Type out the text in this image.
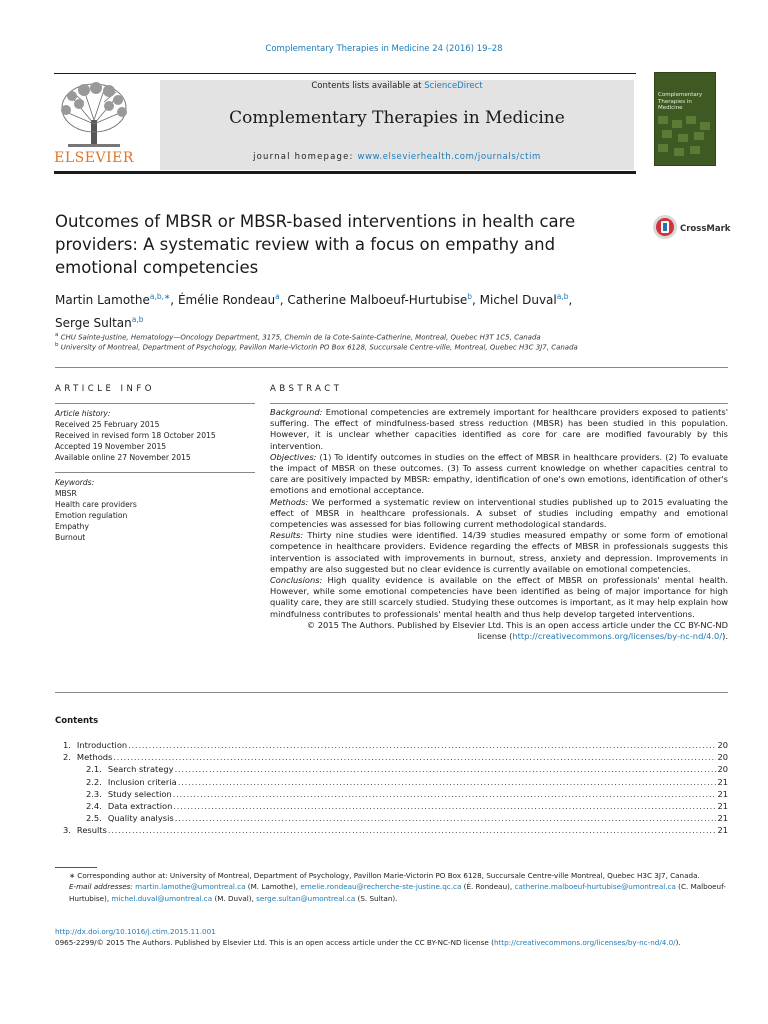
Complementary Therapies in Medicine 24 (2016) 19–28
ELSEVIER
Contents lists available at ScienceDirect
Complementary Therapies in Medicine
journal homepage: www.elsevierhealth.com/journals/ctim
Complementary Therapies in Medicine
Outcomes of MBSR or MBSR-based interventions in health care providers: A systematic review with a focus on empathy and emotional competencies
CrossMark
Martin Lamothe$^{a,b,∗}$, Émélie Rondeau$^a$, Catherine Malboeuf-Hurtubise$^b$, Michel Duval$^{a,b}$,
Serge Sultan$^{a,b}$
$^a$ CHU Sainte-Justine, Hematology—Oncology Department, 3175, Chemin de la Cote-Sainte-Catherine, Montreal, Quebec H3T 1C5, Canada
$^b$ University of Montreal, Department of Psychology, Pavillon Marie-Victorin PO Box 6128, Succursale Centre-ville, Montreal, Quebec H3C 3J7, Canada
ARTICLE INFO
Article history:
Received 25 February 2015
Received in revised form 18 October 2015
Accepted 19 November 2015
Available online 27 November 2015
Keywords:
MBSR
Health care providers
Emotion regulation
Empathy
Burnout
ABSTRACT

Background: Emotional competencies are extremely important for healthcare providers exposed to patients' suffering. The effect of mindfulness-based stress reduction (MBSR) has been studied in this population. However, it is unclear whether capacities identified as core for care are modified favourably by this intervention.

Objectives: (1) To identify outcomes in studies on the effect of MBSR in healthcare providers. (2) To evaluate the impact of MBSR on these outcomes. (3) To assess current knowledge on whether capacities central to care are positively impacted by MBSR: empathy, identification of one's own emotions, identification of other's emotions and emotional acceptance.

Methods: We performed a systematic review on interventional studies published up to 2015 evaluating the effect of MBSR in healthcare professionals. A subset of studies including empathy and emotional competencies was assessed for bias following current methodological standards.

Results: Thirty nine studies were identified. 14/39 studies measured empathy or some form of emotional competence in healthcare providers. Evidence regarding the effects of MBSR in professionals suggests this intervention is associated with improvements in burnout, stress, anxiety and depression. Improvements in empathy are also suggested but no clear evidence is currently available on emotional competencies.

Conclusions: High quality evidence is available on the effect of MBSR on professionals' mental health. However, while some emotional competencies have been identified as being of major importance for high quality care, they are still scarcely studied. Studying these outcomes is important, as it may help explain how mindfulness contributes to professionals' mental health and thus help develop targeted interventions.

© 2015 The Authors. Published by Elsevier Ltd. This is an open access article under the CC BY-NC-ND
license (http://creativecommons.org/licenses/by-nc-nd/4.0/).

Contents
1. Introduction .....	20
2. Methods .....	20
2.1. Search strategy .....	20
2.2. Inclusion criteria .....	21
2.3. Study selection .....	21
2.4. Data extraction .....	21
2.5. Quality analysis .....	21
3. Results .....	21

∗ Corresponding author at: University of Montreal, Department of Psychology, Pavillon Marie-Victorin PO Box 6128, Succursale Centre-ville Montreal, Quebec H3C 3J7, Canada.

E-mail addresses: martin.lamothe@umontreal.ca (M. Lamothe), emelie.rondeau@recherche-ste-justine.qc.ca (É. Rondeau), catherine.malboeuf-hurtubise@umontreal.ca (C. Malboeuf-Hurtubise), michel.duval@umontreal.ca (M. Duval), serge.sultan@umontreal.ca (S. Sultan).

http://dx.doi.org/10.1016/j.ctim.2015.11.001

0965-2299/© 2015 The Authors. Published by Elsevier Ltd. This is an open access article under the CC BY-NC-ND license (http://creativecommons.org/licenses/by-nc-nd/4.0/).
